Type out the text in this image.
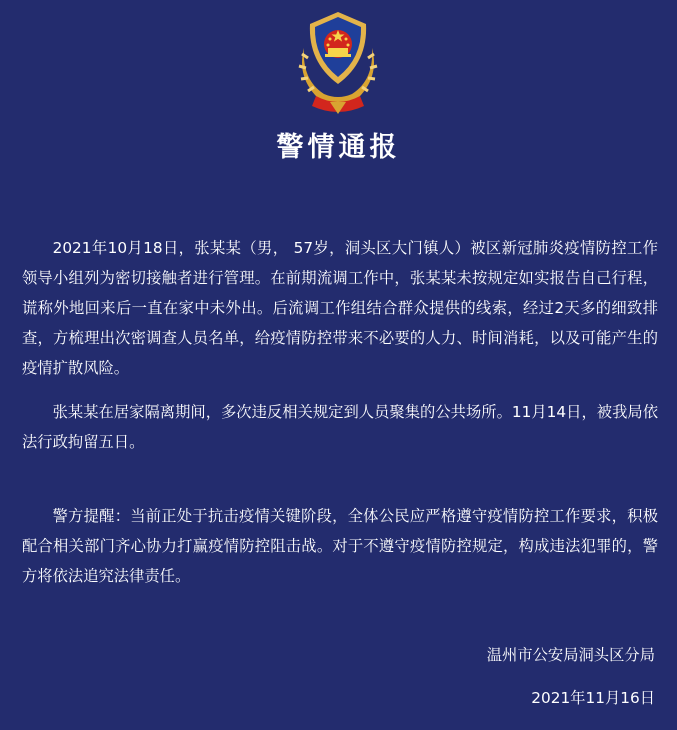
警情通报

2021年10月18日，张某某（男， 57岁，洞头区大门镇人）被区新冠肺炎疫情防控工作领导小组列为密切接触者进行管理。在前期流调工作中，张某某未按规定如实报告自己行程，谎称外地回来后一直在家中未外出。后流调工作组结合群众提供的线索，经过2天多的细致排查，方梳理出次密调查人员名单，给疫情防控带来不必要的人力、时间消耗，以及可能产生的疫情扩散风险。

张某某在居家隔离期间，多次违反相关规定到人员聚集的公共场所。11月14日，被我局依法行政拘留五日。

警方提醒：当前正处于抗击疫情关键阶段，全体公民应严格遵守疫情防控工作要求，积极配合相关部门齐心协力打赢疫情防控阻击战。对于不遵守疫情防控规定，构成违法犯罪的，警方将依法追究法律责任。

温州市公安局洞头区分局
2021年11月16日
